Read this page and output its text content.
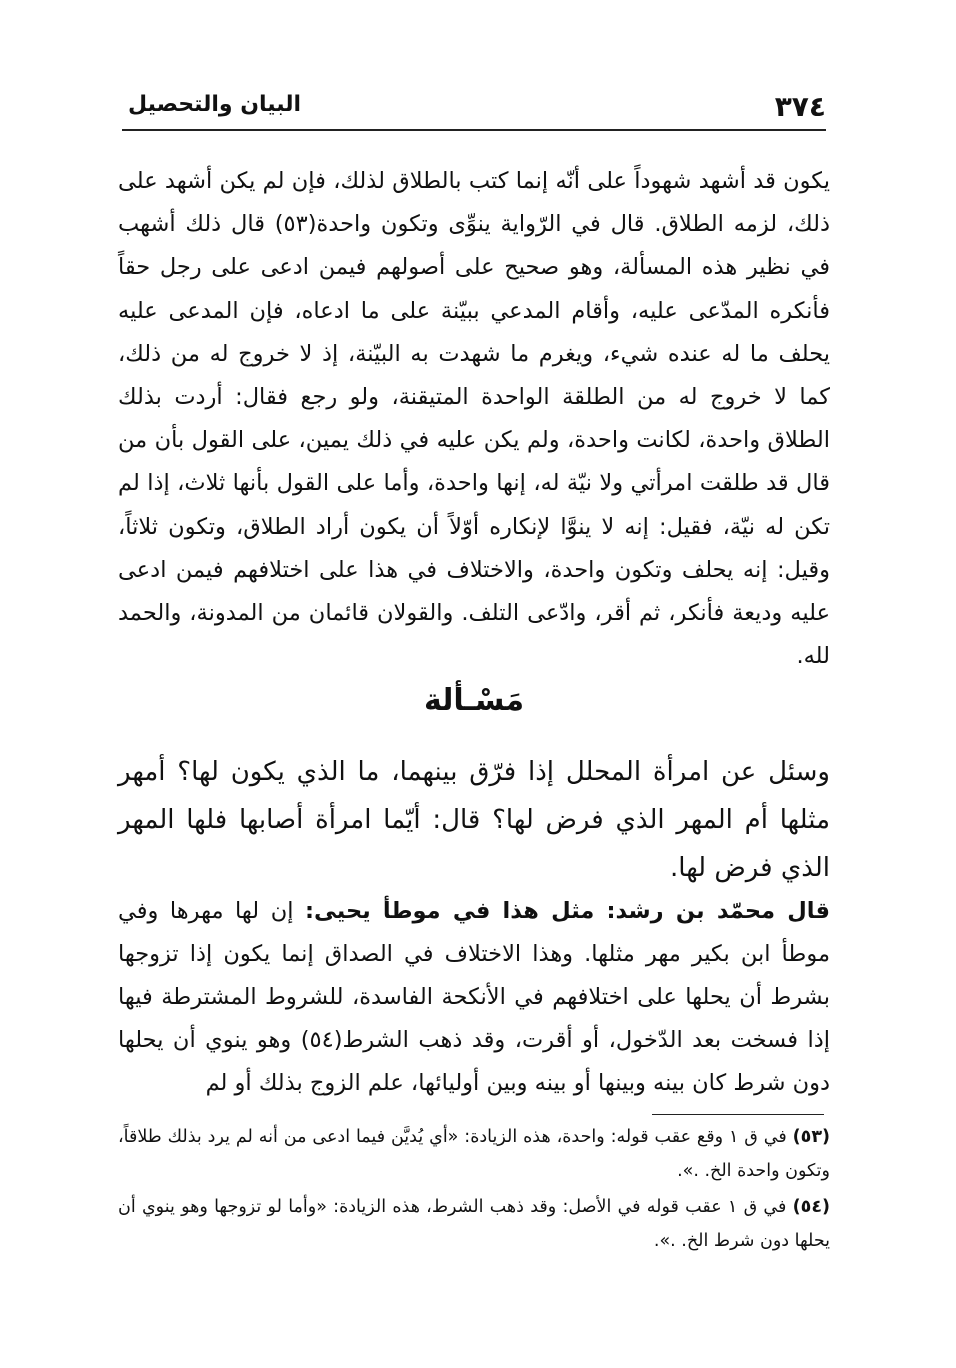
٣٧٤
البيان والتحصيل

يكون قد أشهد شهوداً على أنّه إنما كتب بالطلاق لذلك، فإن لم يكن أشهد على ذلك، لزمه الطلاق. قال في الرّواية ينوِّى وتكون واحدة(٥٣) قال ذلك أشهب في نظير هذه المسألة، وهو صحيح على أصولهم فيمن ادعى على رجل حقاً فأنكره المدّعى عليه، وأقام المدعي ببيّنة على ما ادعاه، فإن المدعى عليه يحلف ما له عنده شيء، ويغرم ما شهدت به البيّنة، إذ لا خروج له من ذلك، كما لا خروج له من الطلقة الواحدة المتيقنة، ولو رجع فقال: أردت بذلك الطلاق واحدة، لكانت واحدة، ولم يكن عليه في ذلك يمين، على القول بأن من قال قد طلقت امرأتي ولا نيّة له، إنها واحدة، وأما على القول بأنها ثلاث، إذا لم تكن له نيّة، فقيل: إنه لا ينوَّا لإنكاره أوّلاً أن يكون أراد الطلاق، وتكون ثلاثاً، وقيل: إنه يحلف وتكون واحدة، والاختلاف في هذا على اختلافهم فيمن ادعى عليه وديعة فأنكر، ثم أقر، وادّعى التلف. والقولان قائمان من المدونة، والحمد لله.

مَسْـألة

وسئل عن امرأة المحلل إذا فرّق بينهما، ما الذي يكون لها؟ أمهر مثلها أم المهر الذي فرض لها؟ قال: أيّما امرأة أصابها فلها المهر الذي فرض لها.

قال محمّد بن رشد: مثل هذا في موطأ يحيى: إن لها مهرها وفي موطأ ابن بكير مهر مثلها. وهذا الاختلاف في الصداق إنما يكون إذا تزوجها بشرط أن يحلها على اختلافهم في الأنكحة الفاسدة، للشروط المشترطة فيها إذا فسخت بعد الدّخول، أو أقرت، وقد ذهب الشرط(٥٤) وهو ينوي أن يحلها دون شرط كان بينه وبينها أو بينه وبين أوليائها، علم الزوج بذلك أو لم

(٥٣) في ق ١ وقع عقب قوله: واحدة، هذه الزيادة: «أي يُديَّن فيما ادعى من أنه لم يرد بذلك طلاقاً، وتكون واحدة الخ. .».

(٥٤) في ق ١ عقب قوله في الأصل: وقد ذهب الشرط، هذه الزيادة: «وأما لو تزوجها وهو ينوي أن يحلها دون شرط الخ. .».
